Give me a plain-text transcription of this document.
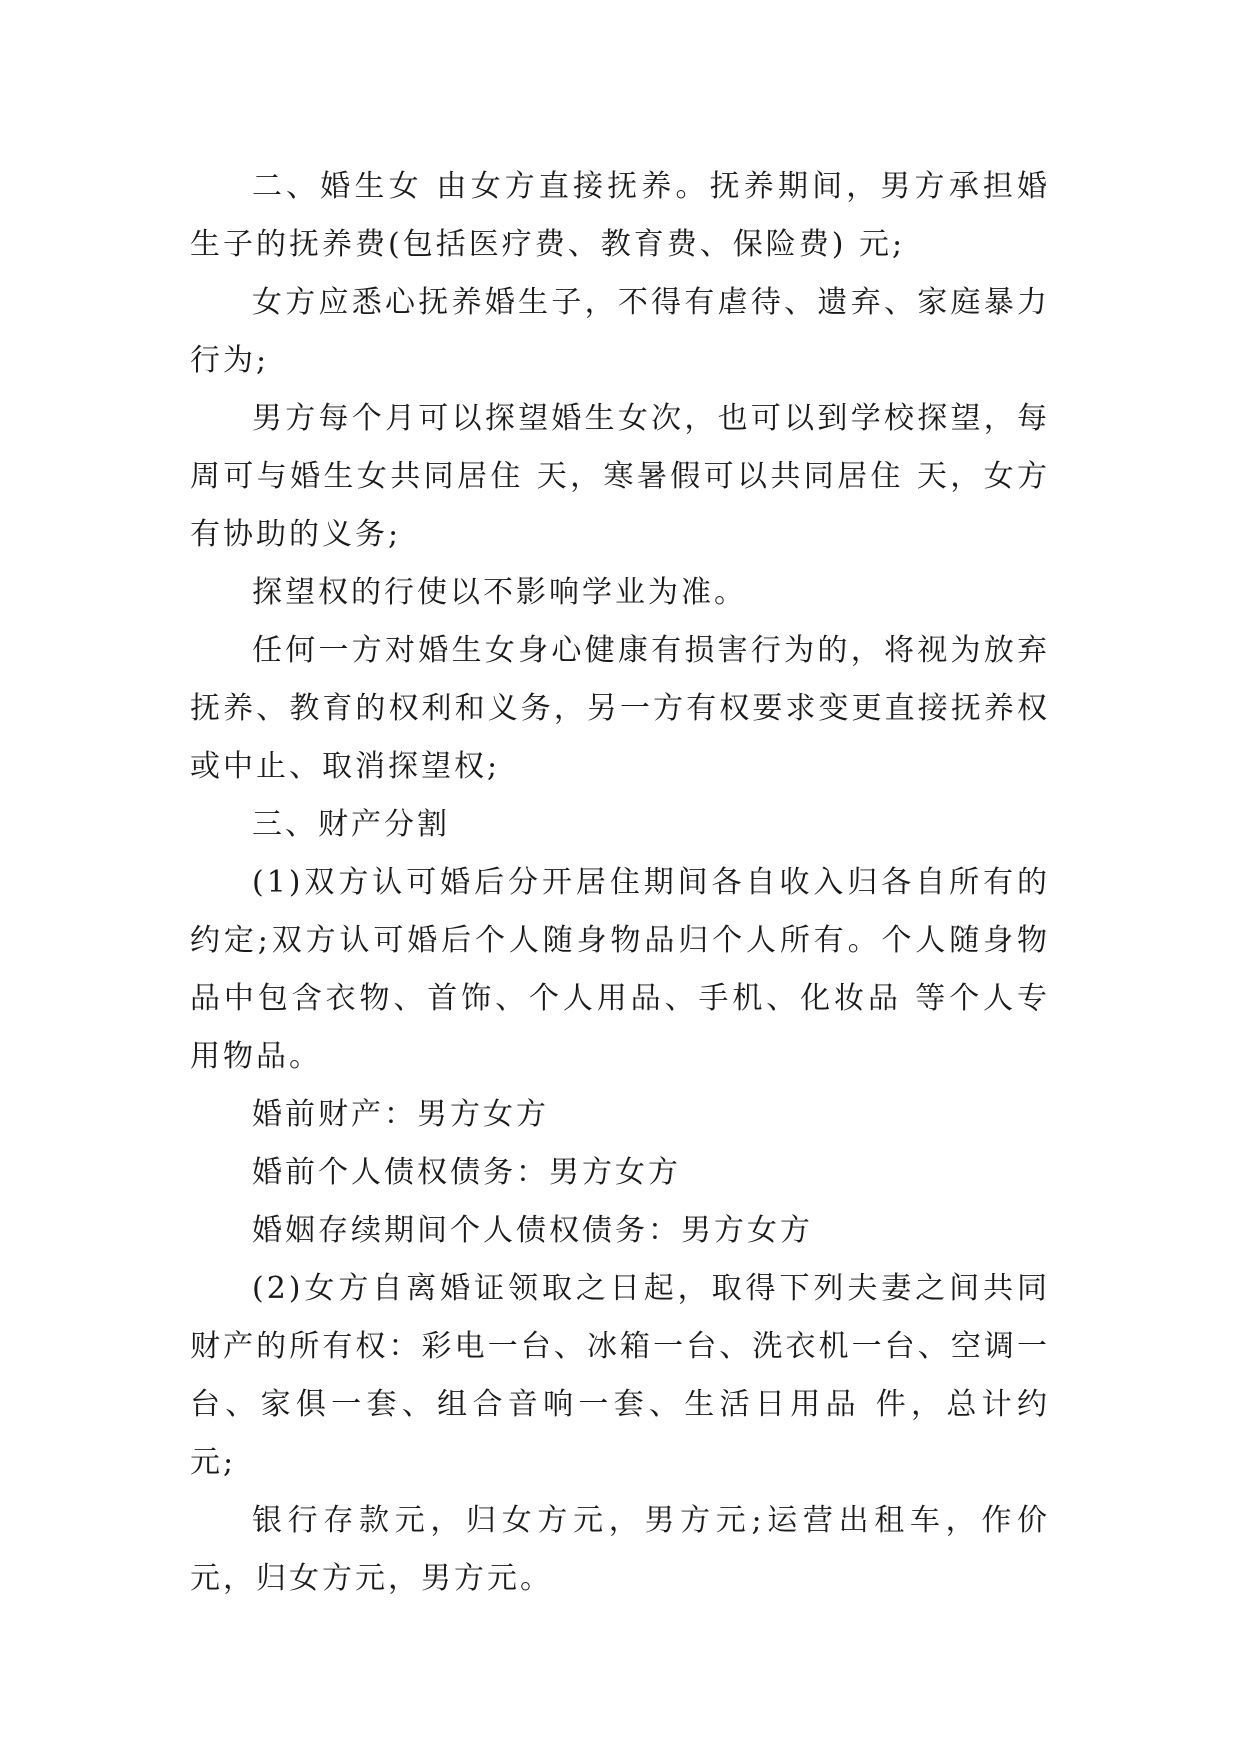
二、婚生女 由女方直接抚养。抚养期间，男方承担婚生子的抚养费(包括医疗费、教育费、保险费) 元;

女方应悉心抚养婚生子，不得有虐待、遗弃、家庭暴力行为;

男方每个月可以探望婚生女次，也可以到学校探望，每周可与婚生女共同居住 天，寒暑假可以共同居住 天，女方有协助的义务;

探望权的行使以不影响学业为准。

任何一方对婚生女身心健康有损害行为的，将视为放弃抚养、教育的权利和义务，另一方有权要求变更直接抚养权或中止、取消探望权;

三、财产分割

(1)双方认可婚后分开居住期间各自收入归各自所有的约定;双方认可婚后个人随身物品归个人所有。个人随身物品中包含衣物、首饰、个人用品、手机、化妆品 等个人专用物品。

婚前财产：男方女方

婚前个人债权债务：男方女方

婚姻存续期间个人债权债务：男方女方

(2)女方自离婚证领取之日起，取得下列夫妻之间共同财产的所有权：彩电一台、冰箱一台、洗衣机一台、空调一台、家俱一套、组合音响一套、生活日用品 件，总计约 元;

银行存款元，归女方元，男方元;运营出租车，作价元，归女方元，男方元。
